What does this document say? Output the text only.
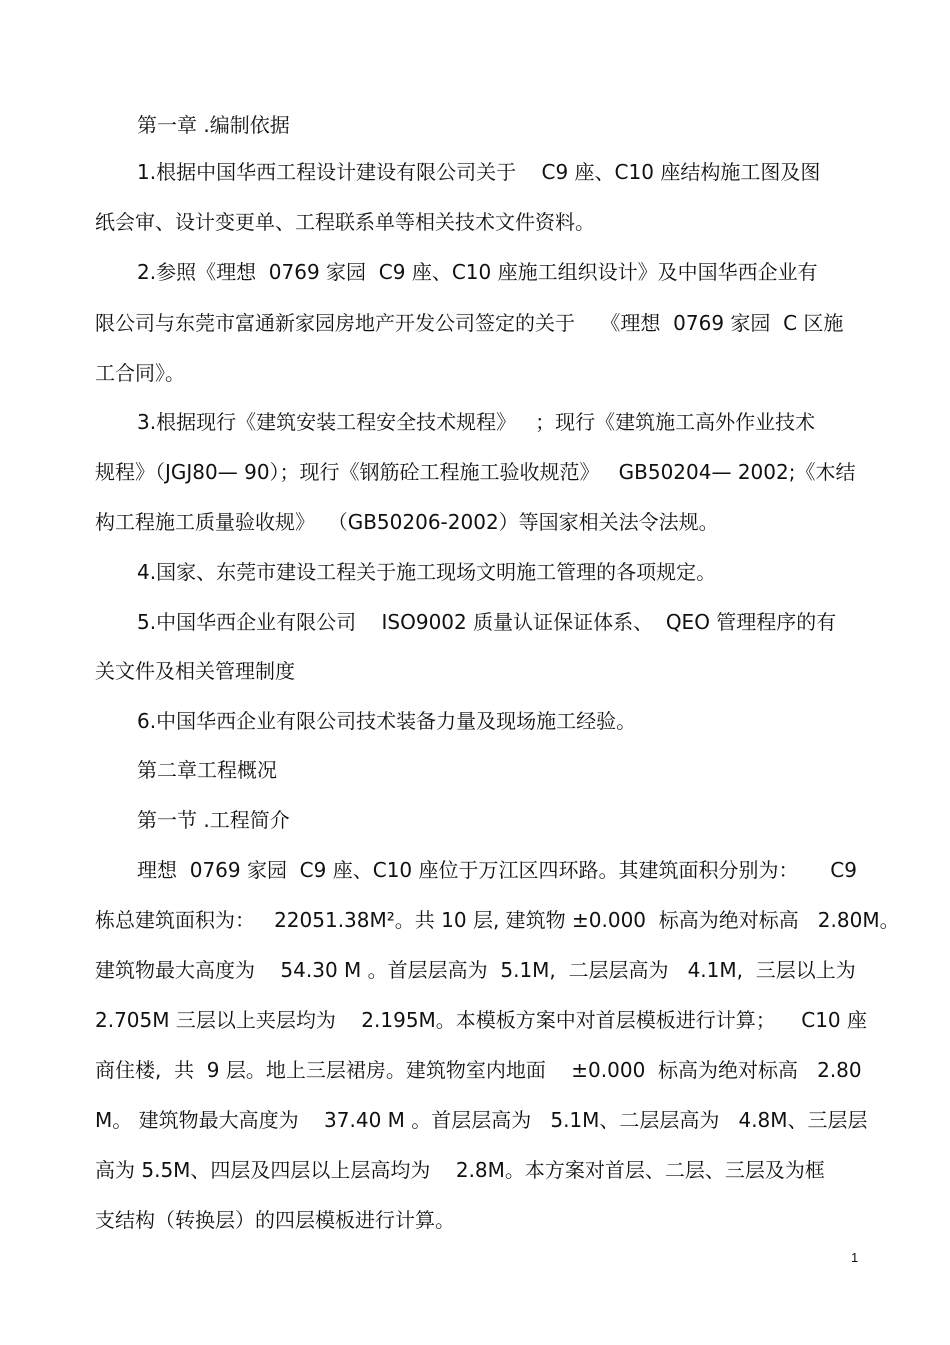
第一章 .编制依据

1.根据中国华西工程设计建设有限公司关于    C9 座、C10 座结构施工图及图

纸会审、设计变更单、工程联系单等相关技术文件资料。

2.参照《理想  0769 家园  C9 座、C10 座施工组织设计》及中国华西企业有

限公司与东莞市富通新家园房地产开发公司签定的关于    《理想  0769 家园  C 区施

工合同》。

3.根据现行《建筑安装工程安全技术规程》   ；现行《建筑施工高外作业技术

规程》（JGJ80— 90）；现行《钢筋砼工程施工验收规范》   GB50204— 2002;《木结

构工程施工质量验收规》  （GB50206-2002）等国家相关法令法规。

4.国家、东莞市建设工程关于施工现场文明施工管理的各项规定。

5.中国华西企业有限公司    ISO9002 质量认证保证体系、  QEO 管理程序的有

关文件及相关管理制度

6.中国华西企业有限公司技术装备力量及现场施工经验。

第二章工程概况

第一节 .工程简介

理想  0769 家园  C9 座、C10 座位于万江区四环路。其建筑面积分别为：     C9

栋总建筑面积为：   22051.38M²。共 10 层, 建筑物 ±0.000  标高为绝对标高   2.80M。

建筑物最大高度为    54.30 M 。首层层高为  5.1M,  二层层高为   4.1M,  三层以上为

2.705M 三层以上夹层均为    2.195M。本模板方案中对首层模板进行计算；    C10 座

商住楼,  共  9 层。地上三层裙房。建筑物室内地面    ±0.000  标高为绝对标高   2.80

M。 建筑物最大高度为    37.40 M 。首层层高为   5.1M、二层层高为   4.8M、三层层

高为 5.5M、四层及四层以上层高均为    2.8M。本方案对首层、二层、三层及为框

支结构（转换层）的四层模板进行计算。

1
